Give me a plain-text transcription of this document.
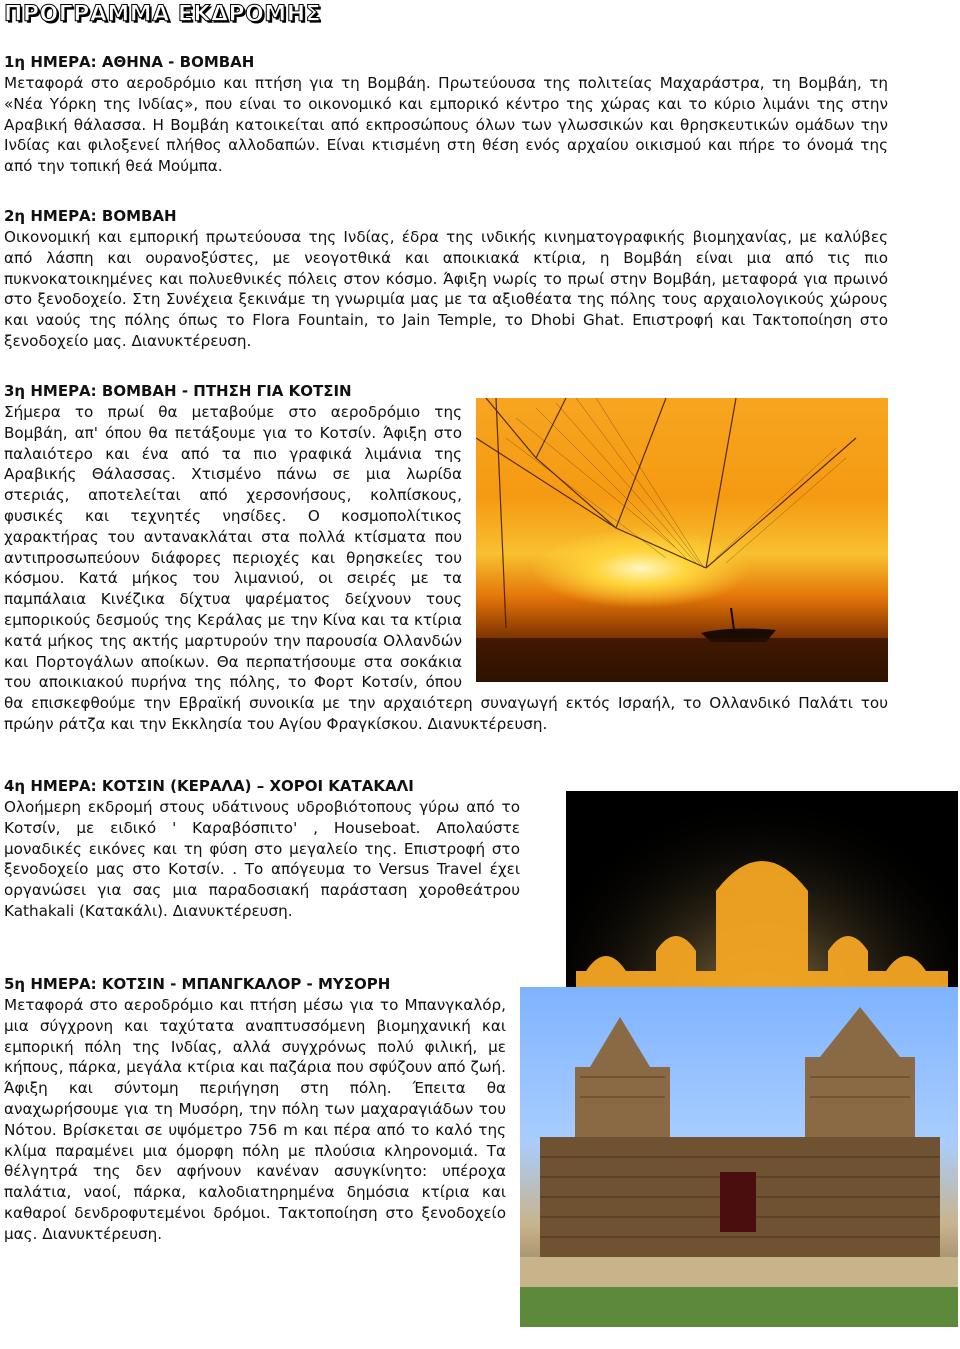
ΠΡΟΓΡΑΜΜΑ ΕΚΔΡΟΜΗΣ
1η ΗΜΕΡΑ: ΑΘΗΝΑ - ΒΟΜΒΑΗ

Μεταφορά στο αεροδρόμιο και πτήση για τη Βομβάη. Πρωτεύουσα της πολιτείας Μαχαράστρα, τη Βομβάη, τη «Νέα Υόρκη της Ινδίας», που είναι το οικονομικό και εμπορικό κέντρο της χώρας και το κύριο λιμάνι της στην Αραβική θάλασσα. Η Βομβάη κατοικείται από εκπροσώπους όλων των γλωσσικών και θρησκευτικών ομάδων την Ινδίας και φιλοξενεί πλήθος αλλοδαπών. Είναι κτισμένη στη θέση ενός αρχαίου οικισμού και πήρε το όνομά της από την τοπική θεά Μούμπα.

2η ΗΜΕΡΑ: ΒΟΜΒΑΗ

Οικονομική και εμπορική πρωτεύουσα της Ινδίας, έδρα της ινδικής κινηματογραφικής βιομηχανίας, με καλύβες από λάσπη και ουρανοξύστες, με νεογοτθικά και αποικιακά κτίρια, η Βομβάη είναι μια από τις πιο πυκνοκατοικημένες και πολυεθνικές πόλεις στον κόσμο. Άφιξη νωρίς το πρωί στην Βομβάη, μεταφορά για πρωινό στο ξενοδοχείο. Στη Συνέχεια ξεκινάμε τη γνωριμία μας με τα αξιοθέατα της πόλης τους αρχαιολογικούς χώρους και ναούς της πόλης όπως το Flora Fountain, το Jain Temple, το Dhobi Ghat. Επιστροφή και Τακτοποίηση στο ξενοδοχείο μας. Διανυκτέρευση.

3η ΗΜΕΡΑ: ΒΟΜΒΑΗ - ΠΤΗΣΗ ΓΙΑ ΚΟΤΣΙΝ

Σήμερα το πρωί θα μεταβούμε στο αεροδρόμιο της Βομβάη, απ' όπου θα πετάξουμε για το Κοτσίν. Άφιξη στο παλαιότερο και ένα από τα πιο γραφικά λιμάνια της Αραβικής Θάλασσας. Χτισμένο πάνω σε μια λωρίδα στεριάς, αποτελείται από χερσονήσους, κολπίσκους, φυσικές και τεχνητές νησίδες. Ο κοσμοπολίτικος χαρακτήρας του αντανακλάται στα πολλά κτίσματα που αντιπροσωπεύουν διάφορες περιοχές και θρησκείες του κόσμου. Κατά μήκος του λιμανιού, οι σειρές με τα παμπάλαια Κινέζικα δίχτυα ψαρέματος δείχνουν τους εμπορικούς δεσμούς της Κεράλας με την Κίνα και τα κτίρια κατά μήκος της ακτής μαρτυρούν την παρουσία Ολλανδών και Πορτογάλων αποίκων. Θα περπατήσουμε στα σοκάκια του αποικιακού πυρήνα της πόλης, το Φορτ Κοτσίν, όπου θα επισκεφθούμε την Εβραϊκή συνοικία με την αρχαιότερη συναγωγή εκτός Ισραήλ, το Ολλανδικό Παλάτι του πρώην ράτζα και την Εκκλησία του Αγίου Φραγκίσκου. Διανυκτέρευση.

4η ΗΜΕΡΑ: ΚΟΤΣΙΝ (ΚΕΡΑΛΑ) – ΧΟΡΟΙ ΚΑΤΑΚΑΛΙ

Ολοήμερη εκδρομή στους υδάτινους υδροβιότοπους γύρω από το Κοτσίν, με ειδικό ' Καραβόσπιτο' , Houseboat. Απολαύστε μοναδικές εικόνες και τη φύση στο μεγαλείο της. Επιστροφή στο ξενοδοχείο μας στο Κοτσίν. . Το απόγευμα το Versus Travel έχει οργανώσει για σας μια παραδοσιακή παράσταση χοροθεάτρου Kathakali (Κατακάλι). Διανυκτέρευση.

5η ΗΜΕΡΑ: ΚΟΤΣΙΝ - ΜΠΑΝΓΚΑΛΟΡ - ΜΥΣΟΡΗ

Μεταφορά στο αεροδρόμιο και πτήση μέσω για το Μπανγκαλόρ, μια σύγχρονη και ταχύτατα αναπτυσσόμενη βιομηχανική και εμπορική πόλη της Ινδίας, αλλά συγχρόνως πολύ φιλική, με κήπους, πάρκα, μεγάλα κτίρια και παζάρια που σφύζουν από ζωή. Άφιξη και σύντομη περιήγηση στη πόλη. Έπειτα θα αναχωρήσουμε για τη Μυσόρη, την πόλη των μαχαραγιάδων του Νότου. Βρίσκεται σε υψόμετρο 756 m και πέρα από το καλό της κλίμα παραμένει μια όμορφη πόλη με πλούσια κληρονομιά. Τα θέλγητρά της δεν αφήνουν κανέναν ασυγκίνητο: υπέροχα παλάτια, ναοί, πάρκα, καλοδιατηρημένα δημόσια κτίρια και καθαροί δενδροφυτεμένοι δρόμοι. Τακτοποίηση στο ξενοδοχείο μας. Διανυκτέρευση.
